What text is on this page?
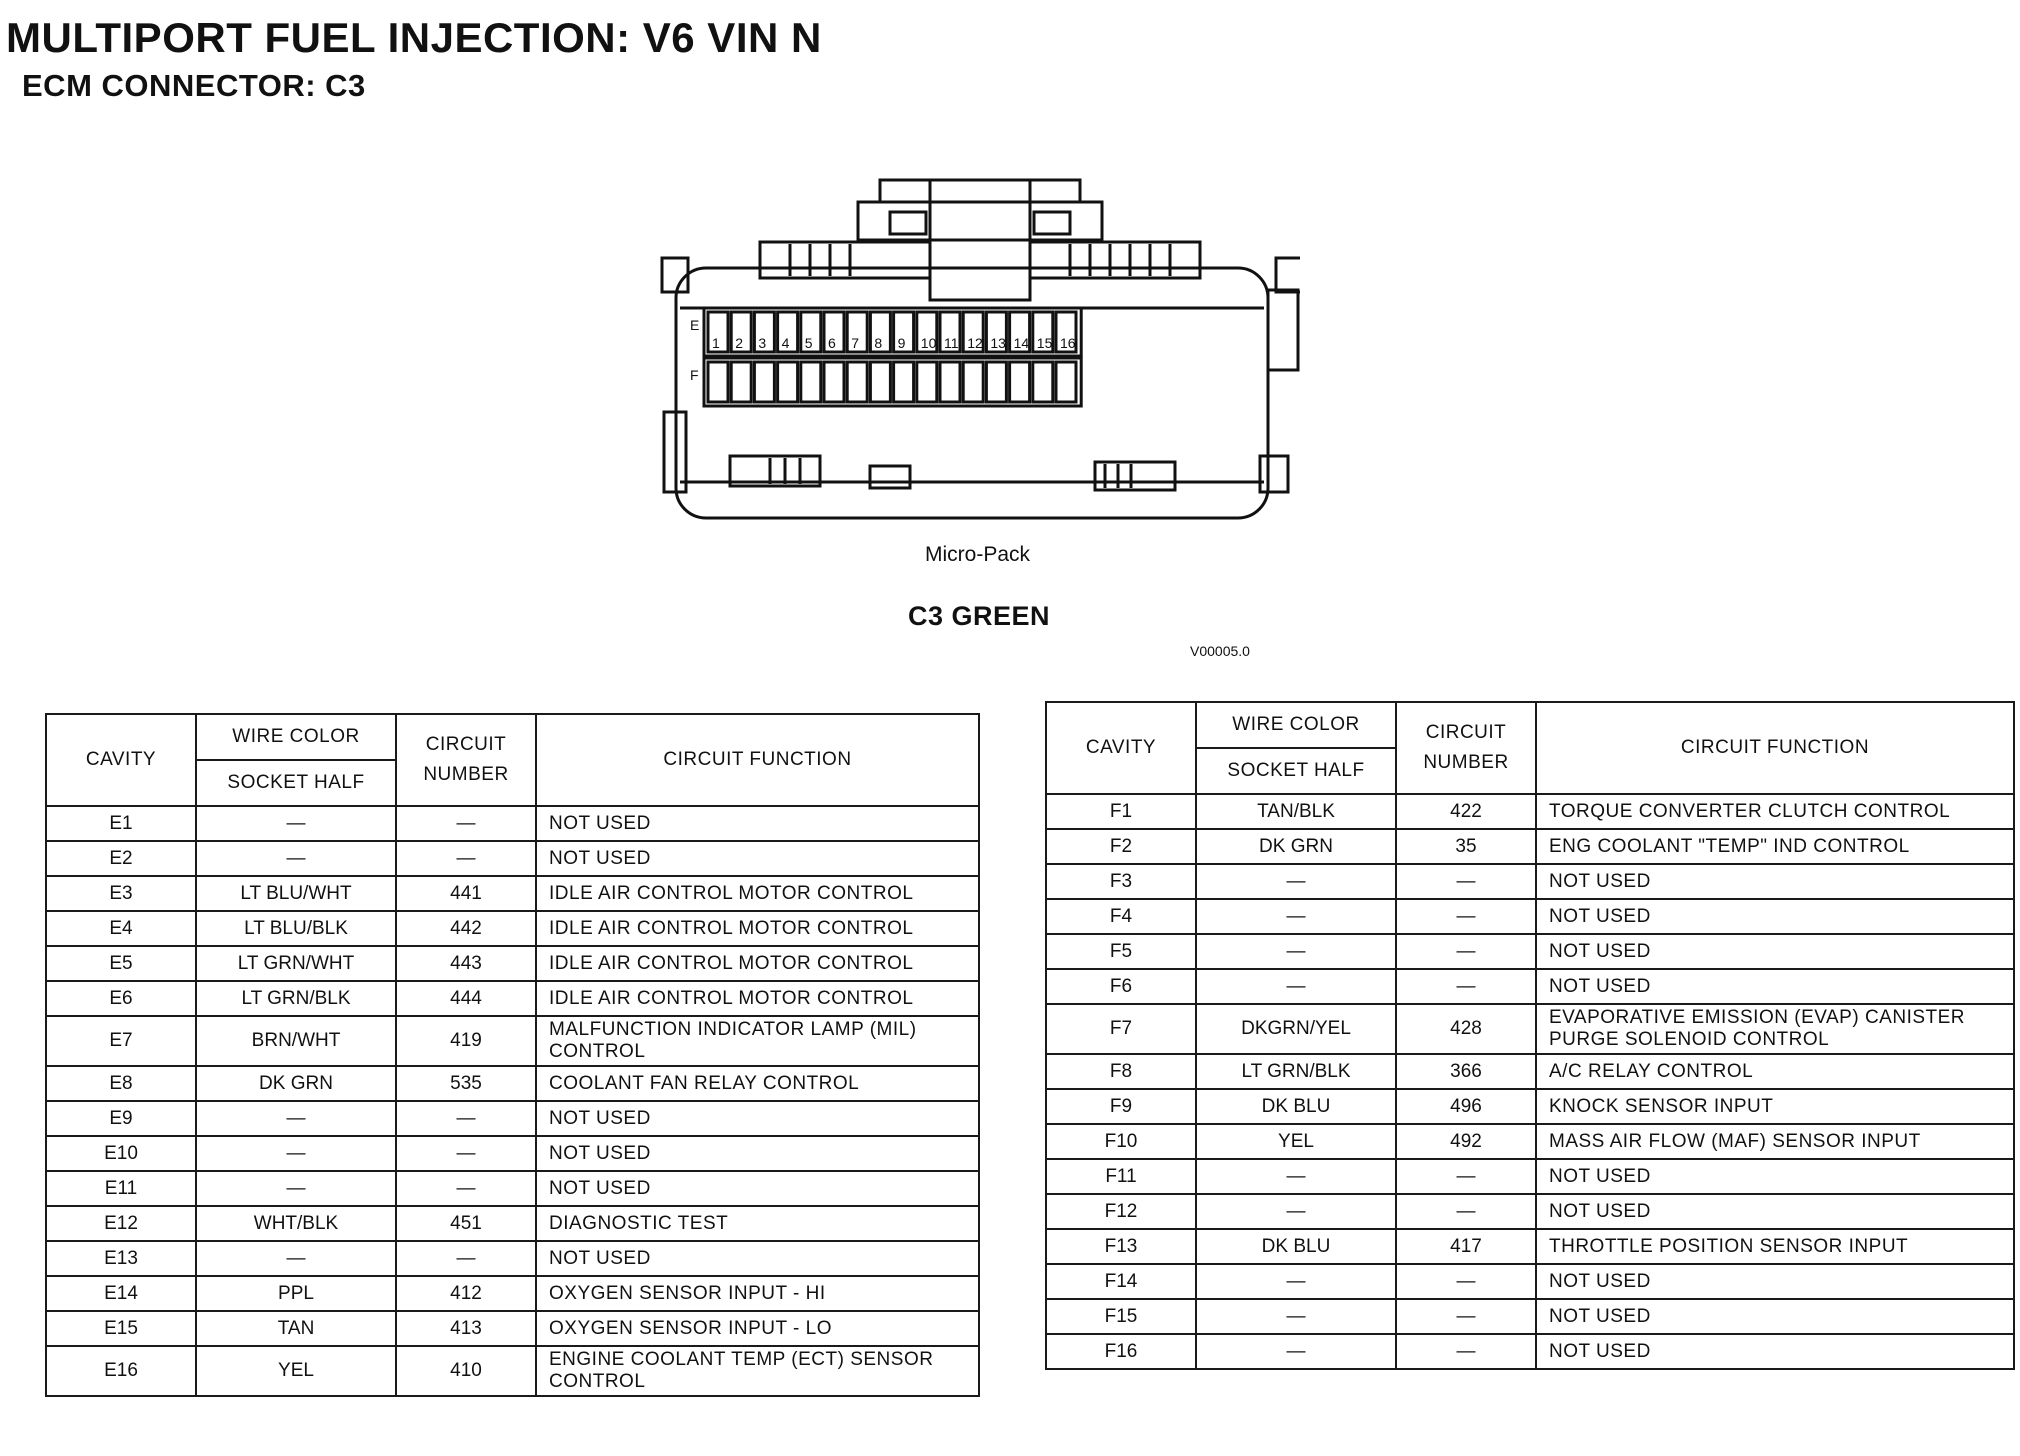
MULTIPORT FUEL INJECTION: V6 VIN N
ECM CONNECTOR: C3
E
F
1 2 3 4 5 6 7 8 9 10 11 12 13 14 15 16
Micro-Pack
C3 GREEN
V00005.0
CAVITY	WIRE COLOR	CIRCUIT NUMBER	CIRCUIT FUNCTION
	SOCKET HALF		
E1	—	—	NOT USED
E2	—	—	NOT USED
E3	LT BLU/WHT	441	IDLE AIR CONTROL MOTOR CONTROL
E4	LT BLU/BLK	442	IDLE AIR CONTROL MOTOR CONTROL
E5	LT GRN/WHT	443	IDLE AIR CONTROL MOTOR CONTROL
E6	LT GRN/BLK	444	IDLE AIR CONTROL MOTOR CONTROL
E7	BRN/WHT	419	MALFUNCTION INDICATOR LAMP (MIL) CONTROL
E8	DK GRN	535	COOLANT FAN RELAY CONTROL
E9	—	—	NOT USED
E10	—	—	NOT USED
E11	—	—	NOT USED
E12	WHT/BLK	451	DIAGNOSTIC TEST
E13	—	—	NOT USED
E14	PPL	412	OXYGEN SENSOR INPUT - HI
E15	TAN	413	OXYGEN SENSOR INPUT - LO
E16	YEL	410	ENGINE COOLANT TEMP (ECT) SENSOR CONTROL
CAVITY	WIRE COLOR	CIRCUIT NUMBER	CIRCUIT FUNCTION
	SOCKET HALF		
F1	TAN/BLK	422	TORQUE CONVERTER CLUTCH CONTROL
F2	DK GRN	35	ENG COOLANT "TEMP" IND CONTROL
F3	—	—	NOT USED
F4	—	—	NOT USED
F5	—	—	NOT USED
F6	—	—	NOT USED
F7	DKGRN/YEL	428	EVAPORATIVE EMISSION (EVAP) CANISTER PURGE SOLENOID CONTROL
F8	LT GRN/BLK	366	A/C RELAY CONTROL
F9	DK BLU	496	KNOCK SENSOR INPUT
F10	YEL	492	MASS AIR FLOW (MAF) SENSOR INPUT
F11	—	—	NOT USED
F12	—	—	NOT USED
F13	DK BLU	417	THROTTLE POSITION SENSOR INPUT
F14	—	—	NOT USED
F15	—	—	NOT USED
F16	—	—	NOT USED
